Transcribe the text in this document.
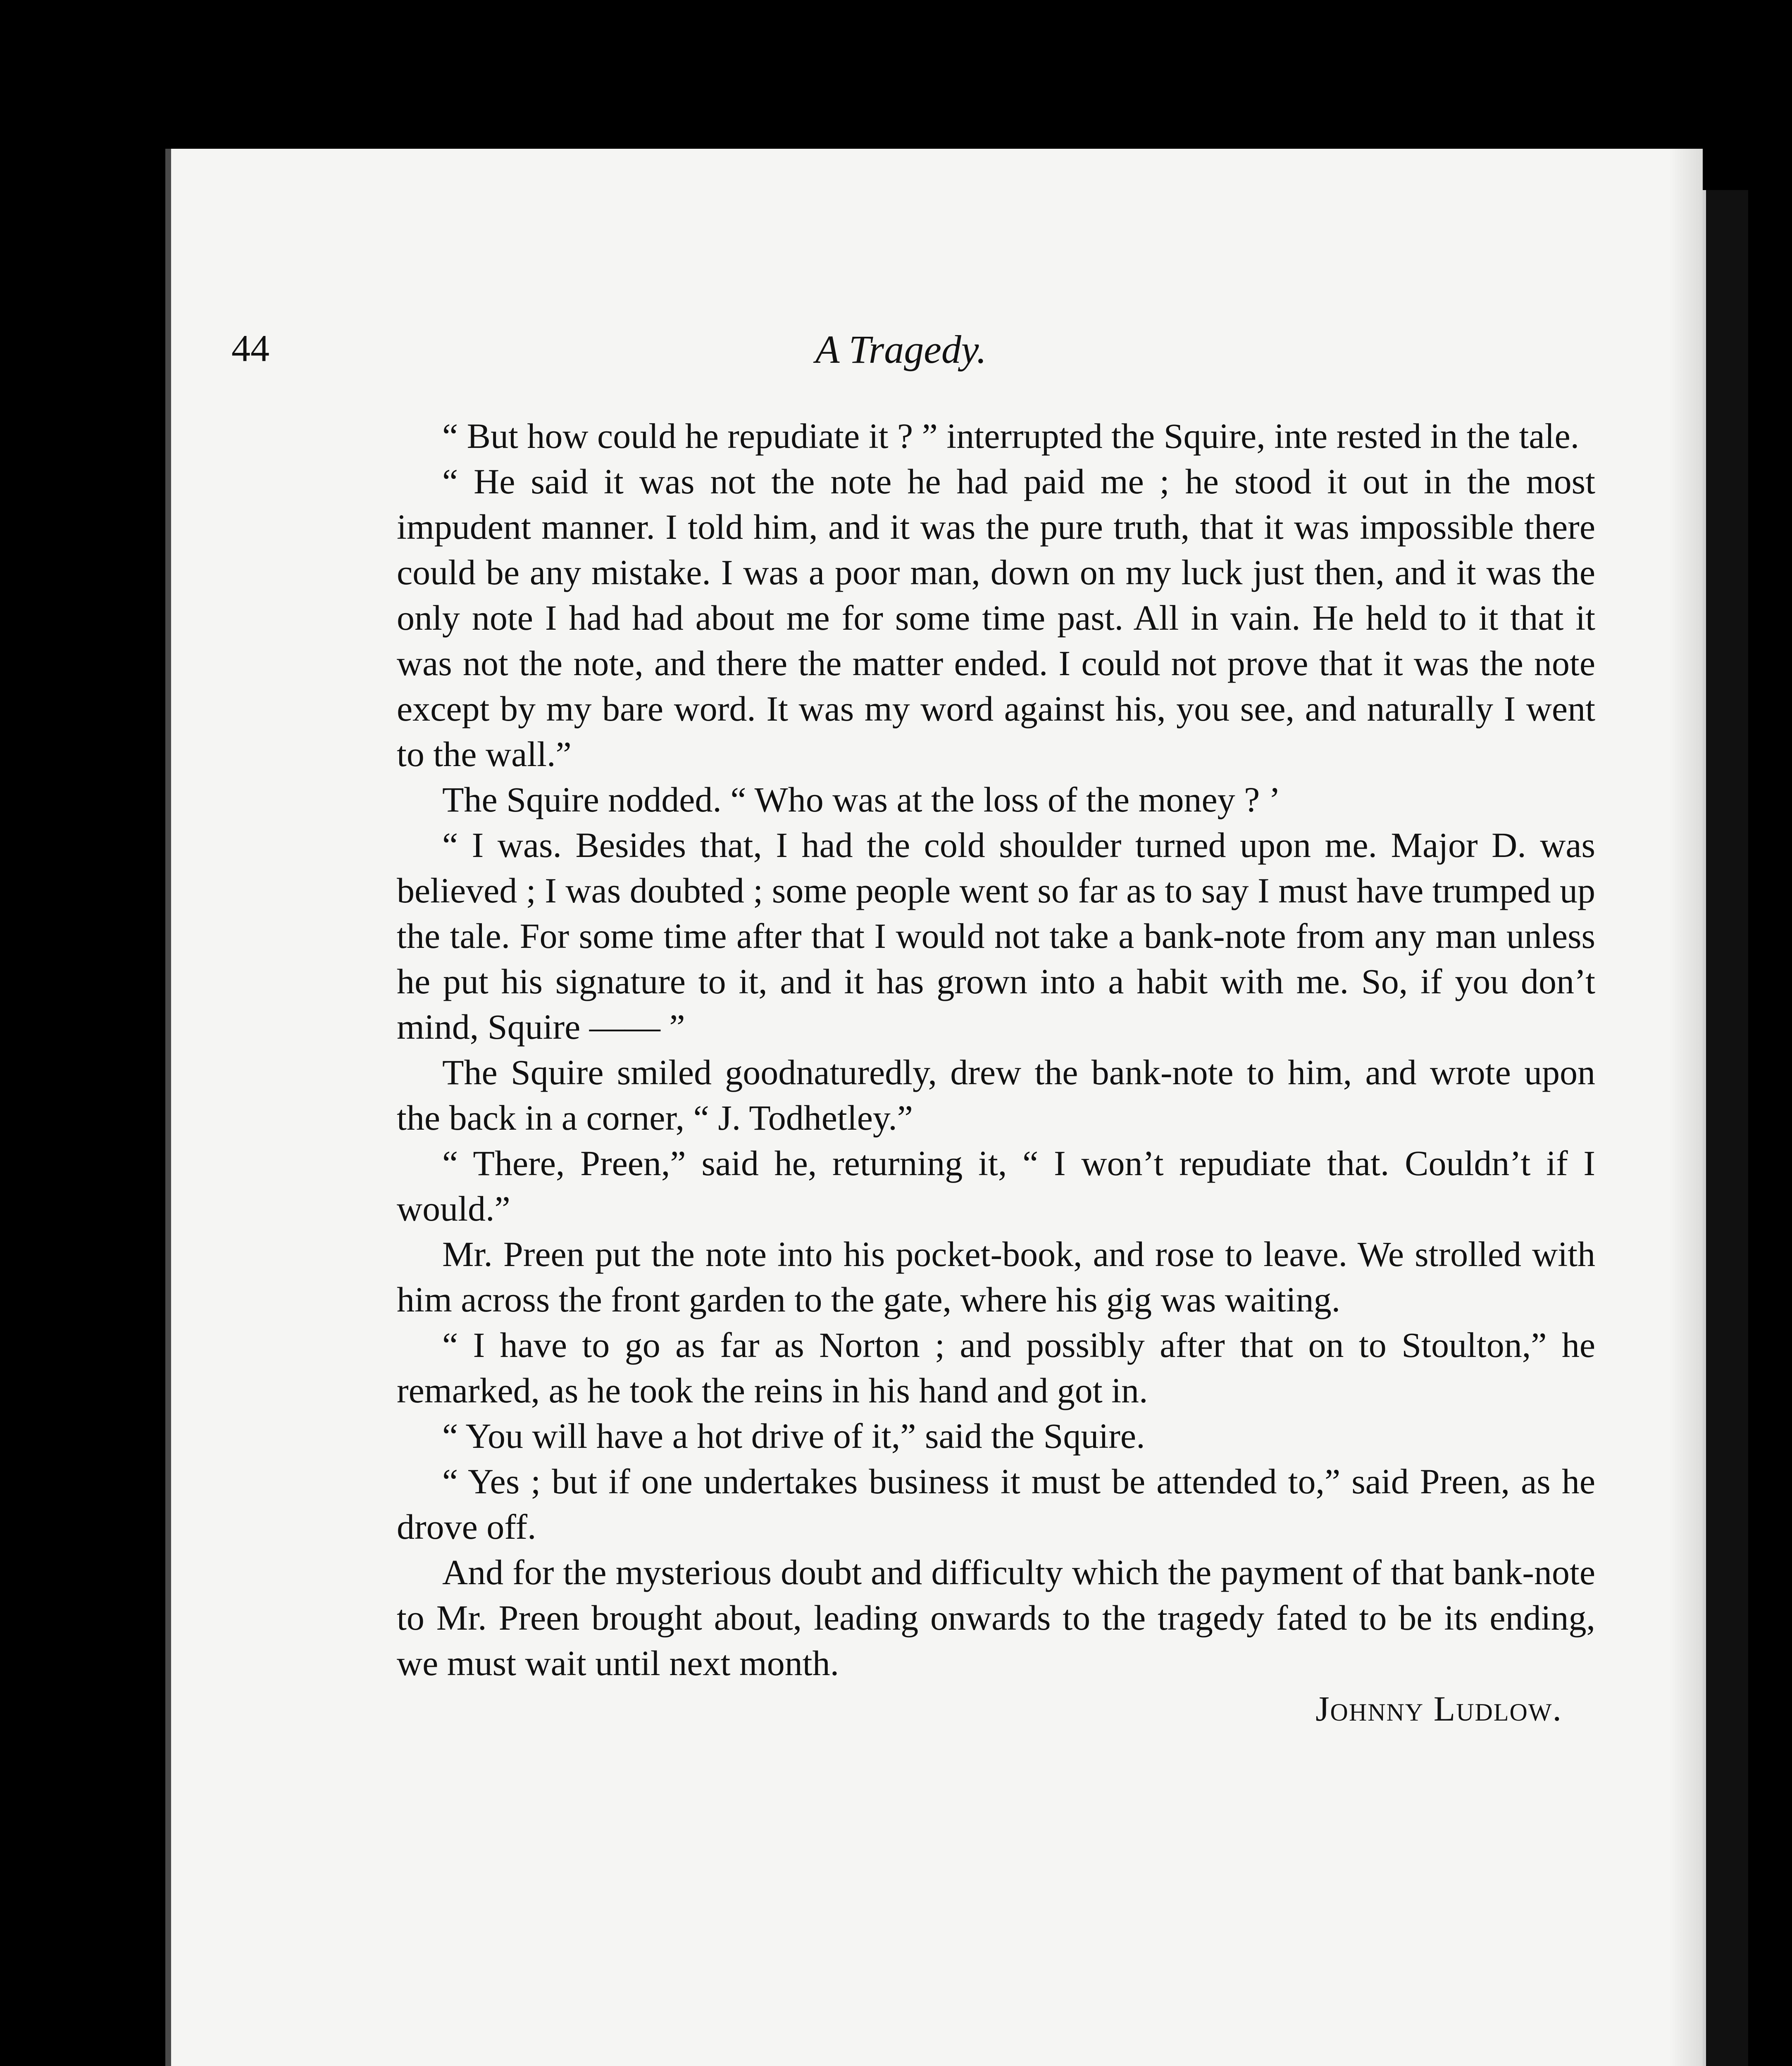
44	A Tragedy.

“ But how could he repudiate it ? ” interrupted the Squire, inte rested in the tale.

“ He said it was not the note he had paid me ; he stood it out in the most impudent manner. I told him, and it was the pure truth, that it was impossible there could be any mistake. I was a poor man, down on my luck just then, and it was the only note I had had about me for some time past. All in vain. He held to it that it was not the note, and there the matter ended. I could not prove that it was the note except by my bare word. It was my word against his, you see, and naturally I went to the wall.”

The Squire nodded. “ Who was at the loss of the money ? ’

“ I was. Besides that, I had the cold shoulder turned upon me. Major D. was believed ; I was doubted ; some people went so far as to say I must have trumped up the tale. For some time after that I would not take a bank-note from any man unless he put his signature to it, and it has grown into a habit with me. So, if you don’t mind, Squire —— ”

The Squire smiled goodnaturedly, drew the bank-note to him, and wrote upon the back in a corner, “ J. Todhetley.”

“ There, Preen,” said he, returning it, “ I won’t repudiate that. Couldn’t if I would.”

Mr. Preen put the note into his pocket-book, and rose to leave. We strolled with him across the front garden to the gate, where his gig was waiting.

“ I have to go as far as Norton ; and possibly after that on to Stoulton,” he remarked, as he took the reins in his hand and got in.

“ You will have a hot drive of it,” said the Squire.

“ Yes ; but if one undertakes business it must be attended to,” said Preen, as he drove off.

And for the mysterious doubt and difficulty which the payment of that bank-note to Mr. Preen brought about, leading onwards to the tragedy fated to be its ending, we must wait until next month.

Johnny Ludlow.
